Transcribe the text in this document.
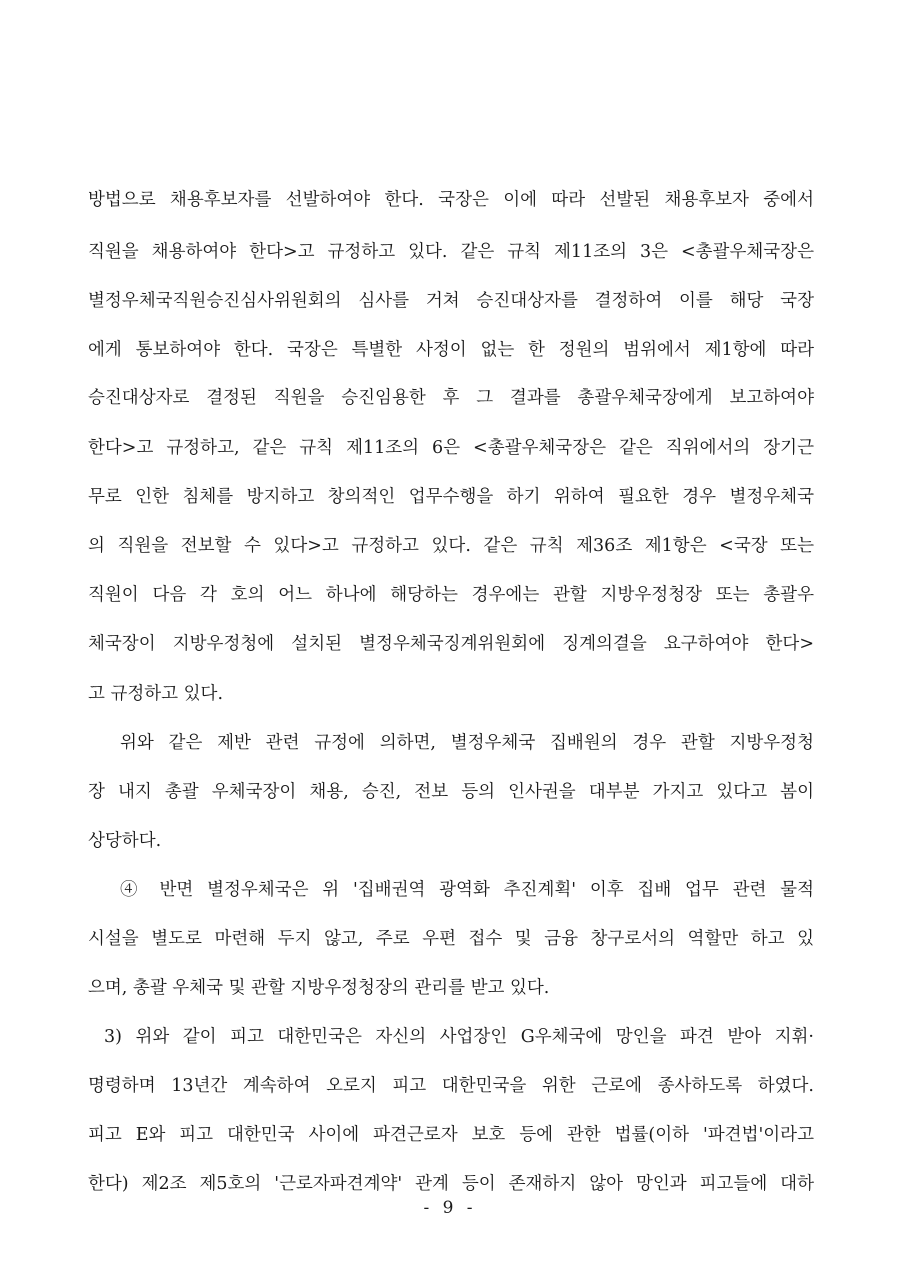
방법으로 채용후보자를 선발하여야 한다. 국장은 이에 따라 선발된 채용후보자 중에서
직원을 채용하여야 한다>고 규정하고 있다. 같은 규칙 제11조의 3은 <총괄우체국장은
별정우체국직원승진심사위원회의 심사를 거쳐 승진대상자를 결정하여 이를 해당 국장
에게 통보하여야 한다. 국장은 특별한 사정이 없는 한 정원의 범위에서 제1항에 따라
승진대상자로 결정된 직원을 승진임용한 후 그 결과를 총괄우체국장에게 보고하여야
한다>고 규정하고, 같은 규칙 제11조의 6은 <총괄우체국장은 같은 직위에서의 장기근
무로 인한 침체를 방지하고 창의적인 업무수행을 하기 위하여 필요한 경우 별정우체국
의 직원을 전보할 수 있다>고 규정하고 있다. 같은 규칙 제36조 제1항은 <국장 또는
직원이 다음 각 호의 어느 하나에 해당하는 경우에는 관할 지방우정청장 또는 총괄우
체국장이 지방우정청에 설치된 별정우체국징계위원회에 징계의결을 요구하여야 한다>
고 규정하고 있다.
위와 같은 제반 관련 규정에 의하면, 별정우체국 집배원의 경우 관할 지방우정청
장 내지 총괄 우체국장이 채용, 승진, 전보 등의 인사권을 대부분 가지고 있다고 봄이
상당하다.
④ 반면 별정우체국은 위 '집배권역 광역화 추진계획' 이후 집배 업무 관련 물적
시설을 별도로 마련해 두지 않고, 주로 우편 접수 및 금융 창구로서의 역할만 하고 있
으며, 총괄 우체국 및 관할 지방우정청장의 관리를 받고 있다.
3) 위와 같이 피고 대한민국은 자신의 사업장인 G우체국에 망인을 파견 받아 지휘·
명령하며 13년간 계속하여 오로지 피고 대한민국을 위한 근로에 종사하도록 하였다.
피고 E와 피고 대한민국 사이에 파견근로자 보호 등에 관한 법률(이하 '파견법'이라고
한다) 제2조 제5호의 '근로자파견계약' 관계 등이 존재하지 않아 망인과 피고들에 대하
- 9 -
